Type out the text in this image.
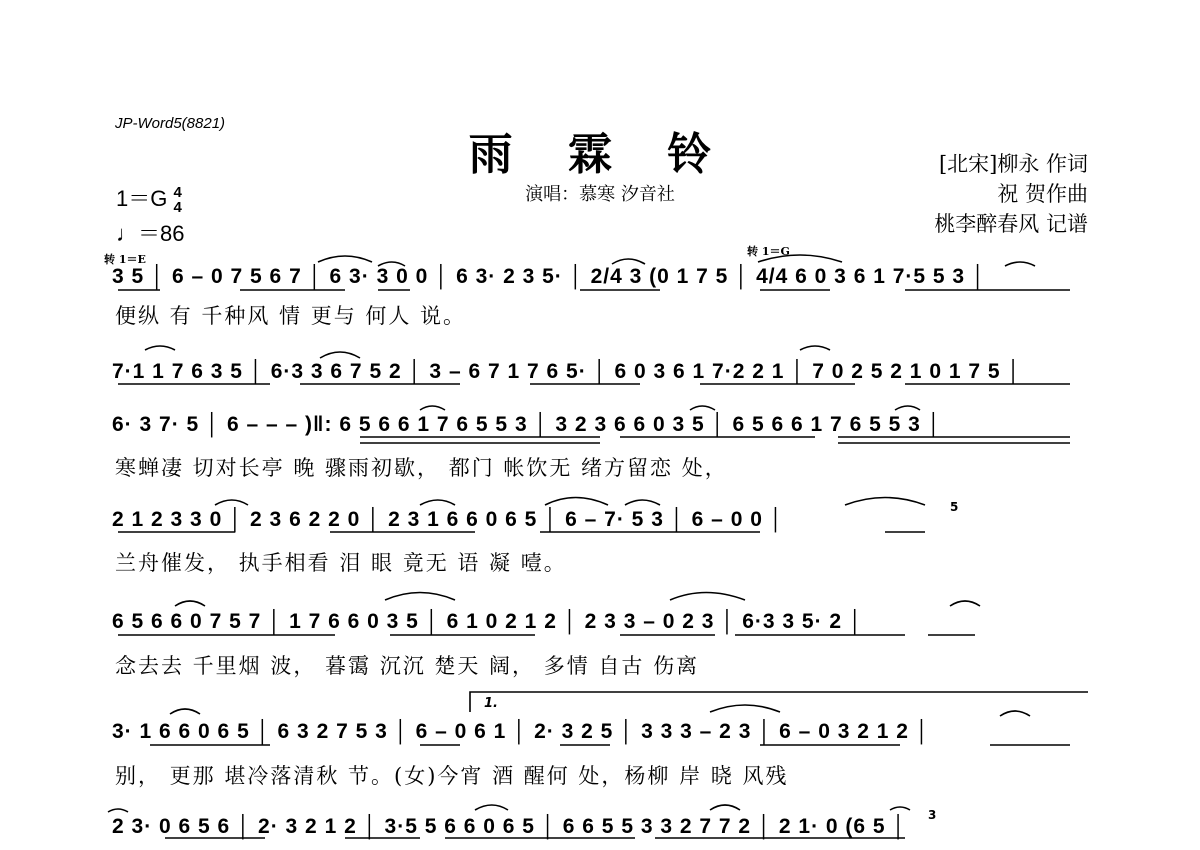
JP-Word5(8821)
雨 霖 铃
演唱：慕寒 汐音社
[北宋]柳永 作词
祝 贺作曲
桃李醉春风 记谱
1＝G 4
4
♩＝86
转 1＝E
转 1＝G
3 5 │ 6 – 0 7 5 6 7 │ 6 3· 3 0 0 │ 6 3· 2 3 5· │ 2/4 3 (0 1 7 5 │ 4/4 6 0 3 6 1 7·5 5 3 │
便纵 有 千种风 情 更与 何人 说。
7·1 1 7 6 3 5 │ 6·3 3 6 7 5 2 │ 3 – 6 7 1 7 6 5· │ 6 0 3 6 1 7·2 2 1 │ 7 0 2 5 2 1 0 1 7 5 │
6· 3 7· 5 │ 6 – – – )‖: 6 5 6 6 1 7 6 5 5 3 │ 3 2 3 6 6 0 3 5 │ 6 5 6 6 1 7 6 5 5 3 │
寒蝉凄 切对长亭 晚 骤雨初歇， 都门 帐饮无 绪方留恋 处，
2 1 2 3 3 0 │ 2 3 6 2 2 0 │ 2 3 1 6 6 0 6 5 │ 6 – 7· 5 3 │ 6 – 0 0 │
兰舟催发， 执手相看 泪 眼 竟无 语 凝 噎。
5
6 5 6 6 0 7 5 7 │ 1 7 6 6 0 3 5 │ 6 1 0 2 1 2 │ 2 3 3 – 0 2 3 │ 6·3 3 5· 2 │
念去去 千里烟 波， 暮霭 沉沉 楚天 阔， 多情 自古 伤离
1.
3· 1 6 6 0 6 5 │ 6 3 2 7 5 3 │ 6 – 0 6 1 │ 2· 3 2 5 │ 3 3 3 – 2 3 │ 6 – 0 3 2 1 2 │
别， 更那 堪冷落清秋 节。(女)今宵 酒 醒何 处，杨柳 岸 晓 风残
2 3· 0 6 5 6 │ 2· 3 2 1 2 │ 3·5 5 6 6 0 6 5 │ 6 6 5 5 3 3 2 7 7 2 │ 2 1· 0 (6 5 │	3
